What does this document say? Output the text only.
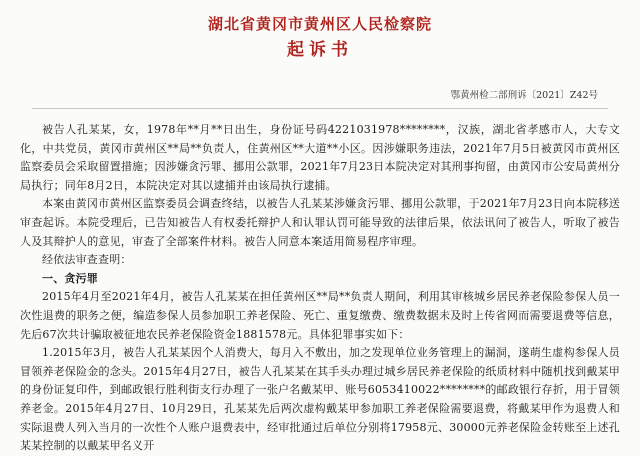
湖北省黄冈市黄州区人民检察院
起诉书
鄂黄州检二部刑诉〔2021〕Z42号

被告人孔某某，女，1978年**月**日出生，身份证号码4221031978********，汉族，湖北省孝感市人，大专文化，中共党员，黄冈市黄州区**局**负责人，住黄州区**大道**小区。因涉嫌职务违法，2021年7月5日被黄冈市黄州区监察委员会采取留置措施；因涉嫌贪污罪、挪用公款罪，2021年7月23日本院决定对其刑事拘留，由黄冈市公安局黄州分局执行；同年8月2日，本院决定对其以逮捕并由该局执行逮捕。

本案由黄冈市黄州区监察委员会调查终结，以被告人孔某某涉嫌贪污罪、挪用公款罪，于2021年7月23日向本院移送审查起诉。本院受理后，已告知被告人有权委托辩护人和认罪认罚可能导致的法律后果，依法讯问了被告人，听取了被告人及其辩护人的意见，审查了全部案件材料。被告人同意本案适用简易程序审理。

经依法审查查明：

一、贪污罪

2015年4月至2021年4月，被告人孔某某在担任黄州区**局**负责人期间，利用其审核城乡居民养老保险参保人员一次性退费的职务之便，编造参保人员参加职工养老保险、死亡、重复缴费、缴费数据未及时上传省网而需要退费等信息，先后67次共计骗取被征地农民养老保险资金1881578元。具体犯罪事实如下：

1.2015年3月，被告人孔某某因个人消费大，每月入不敷出，加之发现单位业务管理上的漏洞，遂萌生虚构参保人员冒领养老保险金的念头。2015年4月27日，被告人孔某某在其手头办理过城乡居民养老保险的纸质材料中随机找到戴某甲的身份证复印件，到邮政银行胜利街支行办理了一张户名戴某甲、账号6053410022********的邮政银行存折，用于冒领养老金。2015年4月27日、10月29日，孔某某先后两次虚构戴某甲参加职工养老保险需要退费，将戴某甲作为退费人和实际退费人列入当月的一次性个人账户退费表中，经审批通过后单位分别将17958元、30000元养老保险金转账至上述孔某某控制的以戴某甲名义开
